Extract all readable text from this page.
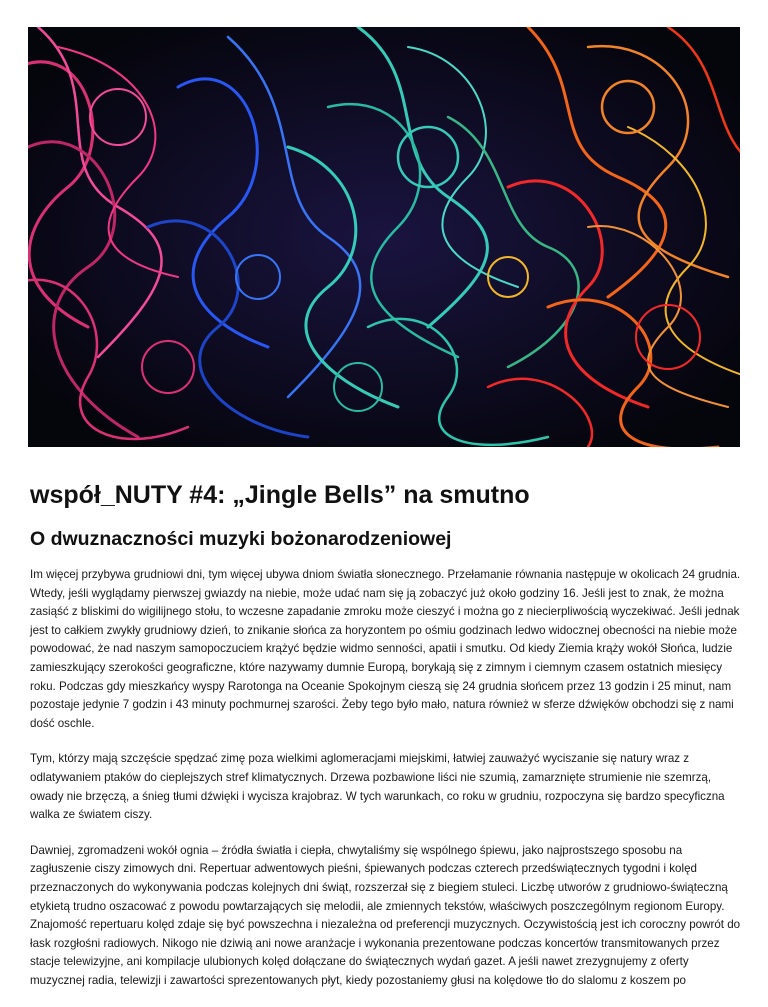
współ_NUTY #4: „Jingle Bells” na smutno
O dwuznaczności muzyki bożonarodzeniowej

Im więcej przybywa grudniowi dni, tym więcej ubywa dniom światła słonecznego. Przełamanie równania następuje w okolicach 24 grudnia. Wtedy, jeśli wyglądamy pierwszej gwiazdy na niebie, może udać nam się ją zobaczyć już około godziny 16. Jeśli jest to znak, że można zasiąść z bliskimi do wigilijnego stołu, to wczesne zapadanie zmroku może cieszyć i można go z niecierpliwością wyczekiwać. Jeśli jednak jest to całkiem zwykły grudniowy dzień, to znikanie słońca za horyzontem po ośmiu godzinach ledwo widocznej obecności na niebie może powodować, że nad naszym samopoczuciem krążyć będzie widmo senności, apatii i smutku. Od kiedy Ziemia krąży wokół Słońca, ludzie zamieszkujący szerokości geograficzne, które nazywamy dumnie Europą, borykają się z zimnym i ciemnym czasem ostatnich miesięcy roku. Podczas gdy mieszkańcy wyspy Rarotonga na Oceanie Spokojnym cieszą się 24 grudnia słońcem przez 13 godzin i 25 minut, nam pozostaje jedynie 7 godzin i 43 minuty pochmurnej szarości. Żeby tego było mało, natura również w sferze dźwięków obchodzi się z nami dość oschle.

Tym, którzy mają szczęście spędzać zimę poza wielkimi aglomeracjami miejskimi, łatwiej zauważyć wyciszanie się natury wraz z odlatywaniem ptaków do cieplejszych stref klimatycznych. Drzewa pozbawione liści nie szumią, zamarznięte strumienie nie szemrzą, owady nie brzęczą, a śnieg tłumi dźwięki i wycisza krajobraz. W tych warunkach, co roku w grudniu, rozpoczyna się bardzo specyficzna walka ze światem ciszy.

Dawniej, zgromadzeni wokół ognia – źródła światła i ciepła, chwytaliśmy się wspólnego śpiewu, jako najprostszego sposobu na zagłuszenie ciszy zimowych dni. Repertuar adwentowych pieśni, śpiewanych podczas czterech przedświątecznych tygodni i kolęd przeznaczonych do wykonywania podczas kolejnych dni świąt, rozszerzał się z biegiem stuleci. Liczbę utworów z grudniowo-świąteczną etykietą trudno oszacować z powodu powtarzających się melodii, ale zmiennych tekstów, właściwych poszczególnym regionom Europy. Znajomość repertuaru kolęd zdaje się być powszechna i niezależna od preferencji muzycznych. Oczywistością jest ich coroczny powrót do łask rozgłośni radiowych. Nikogo nie dziwią ani nowe aranżacje i wykonania prezentowane podczas koncertów transmitowanych przez stacje telewizyjne, ani kompilacje ulubionych kolęd dołączane do świątecznych wydań gazet. A jeśli nawet zrezygnujemy z oferty muzycznej radia, telewizji i zawartości sprezentowanych płyt, kiedy pozostaniemy głusi na kolędowe tło do slalomu z koszem po
